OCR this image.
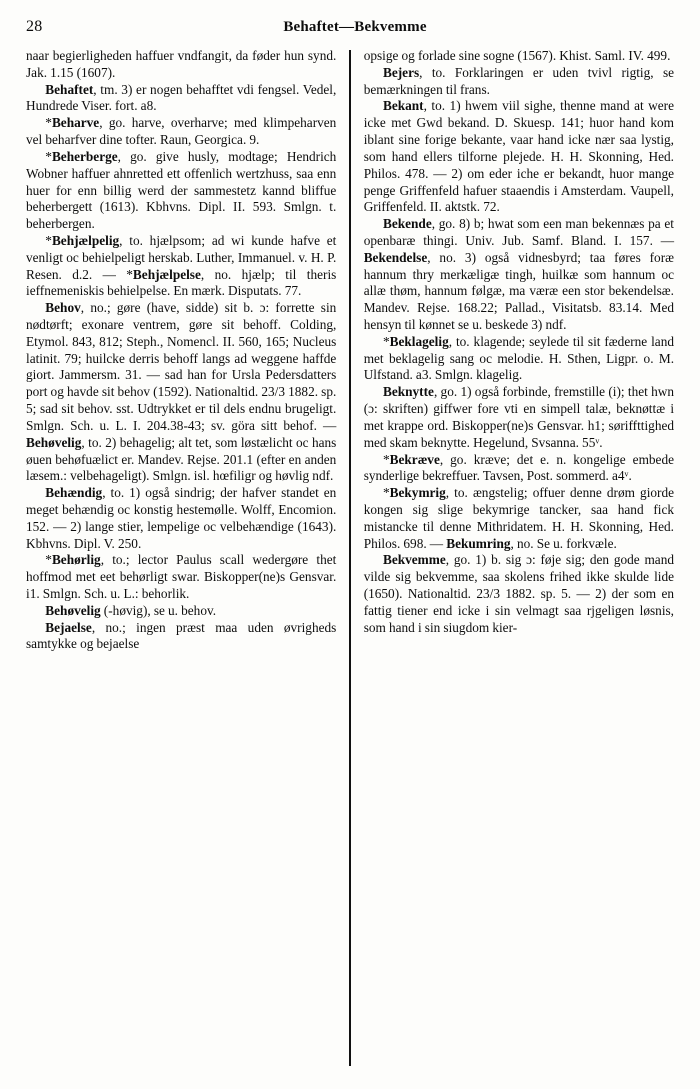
28	Behaftet—Bekvemme

naar begierligheden haffuer vndfangit, da føder hun synd. Jak. 1.15 (1607).

Behaftet, tm. 3) er nogen behafftet vdi fengsel. Vedel, Hundrede Viser. fort. a8.

*Beharve, go. harve, overharve; med klimpeharven vel beharfver dine tofter. Raun, Georgica. 9.

*Beherberge, go. give husly, modtage; Hendrich Wobner haffuer ahnretted ett offenlich wertzhuss, saa enn huer for enn billig werd der sammestetz kannd bliffue beherbergett (1613). Kbhvns. Dipl. II. 593. Smlgn. t. beherbergen.

*Behjælpelig, to. hjælpsom; ad wi kunde hafve et venligt oc behielpeligt herskab. Luther, Immanuel. v. H. P. Resen. d.2. — *Behjælpelse, no. hjælp; til theris ieffnemeniskis behielpelse. En mærk. Disputats. 77.

Behov, no.; gøre (have, sidde) sit b. ɔ: forrette sin nødtørft; exonare ventrem, gøre sit behoff. Colding, Etymol. 843, 812; Steph., Nomencl. II. 560, 165; Nucleus latinit. 79; huilcke derris behoff langs ad weggene haffde giort. Jammersm. 31. — sad han for Ursla Pedersdatters port og havde sit behov (1592). Nationaltid. 23/3 1882. sp. 5; sad sit behov. sst. Udtrykket er til dels endnu brugeligt. Smlgn. Sch. u. L. I. 204.38-43; sv. göra sitt behof. — Behøvelig, to. 2) behagelig; alt tet, som løstælicht oc hans øuen behøfuælict er. Mandev. Rejse. 201.1 (efter en anden læsem.: velbehageligt). Smlgn. isl. hœfiligr og høvlig ndf.

Behændig, to. 1) også sindrig; der hafver standet en meget behændig oc konstig hestemølle. Wolff, Encomion. 152. — 2) lange stier, lempelige oc velbehændige (1643). Kbhvns. Dipl. V. 250.

*Behørlig, to.; lector Paulus scall wedergøre thet hoffmod met eet behørligt swar. Biskopper(ne)s Gensvar. i1. Smlgn. Sch. u. L.: behorlik.

Behøvelig (-høvig), se u. behov.

Bejaelse, no.; ingen præst maa uden øvrigheds samtykke og bejaelse

opsige og forlade sine sogne (1567). Khist. Saml. IV. 499.

Bejers, to. Forklaringen er uden tvivl rigtig, se bemærkningen til frans.

Bekant, to. 1) hwem viil sighe, thenne mand at were icke met Gwd bekand. D. Skuesp. 141; huor hand kom iblant sine forige bekante, vaar hand icke nær saa lystig, som hand ellers tilforne plejede. H. H. Skonning, Hed. Philos. 478. — 2) om eder iche er bekandt, huor mange penge Griffenfeld hafuer staaendis i Amsterdam. Vaupell, Griffenfeld. II. aktstk. 72.

Bekende, go. 8) b; hwat som een man bekennæs pa et openbaræ thingi. Univ. Jub. Samf. Bland. I. 157. — Bekendelse, no. 3) også vidnesbyrd; taa føres foræ hannum thry merkæligæ tingh, huilkæ som hannum oc allæ thøm, hannum følgæ, ma væræ een stor bekendelsæ. Mandev. Rejse. 168.22; Pallad., Visitatsb. 83.14. Med hensyn til kønnet se u. beskede 3) ndf.

*Beklagelig, to. klagende; seylede til sit fæderne land met beklagelig sang oc melodie. H. Sthen, Ligpr. o. M. Ulfstand. a3. Smlgn. klagelig.

Beknytte, go. 1) også forbinde, fremstille (i); thet hwn (ɔ: skriften) giffwer fore vti en simpell talæ, beknøttæ i met krappe ord. Biskopper(ne)s Gensvar. h1; søriffttighed med skam beknytte. Hegelund, Svsanna. 55ᵛ.

*Bekræve, go. kræve; det e. n. kongelige embede synderlige bekreffuer. Tavsen, Post. sommerd. a4ᵛ.

*Bekymrig, to. ængstelig; offuer denne drøm giorde kongen sig slige bekymrige tancker, saa hand fick mistancke til denne Mithridatem. H. H. Skonning, Hed. Philos. 698. — Bekumring, no. Se u. forkvæle.

Bekvemme, go. 1) b. sig ɔ: føje sig; den gode mand vilde sig bekvemme, saa skolens frihed ikke skulde lide (1650). Nationaltid. 23/3 1882. sp. 5. — 2) der som en fattig tiener end icke i sin velmagt saa rjgeligen løsnis, som hand i sin siugdom kier-
